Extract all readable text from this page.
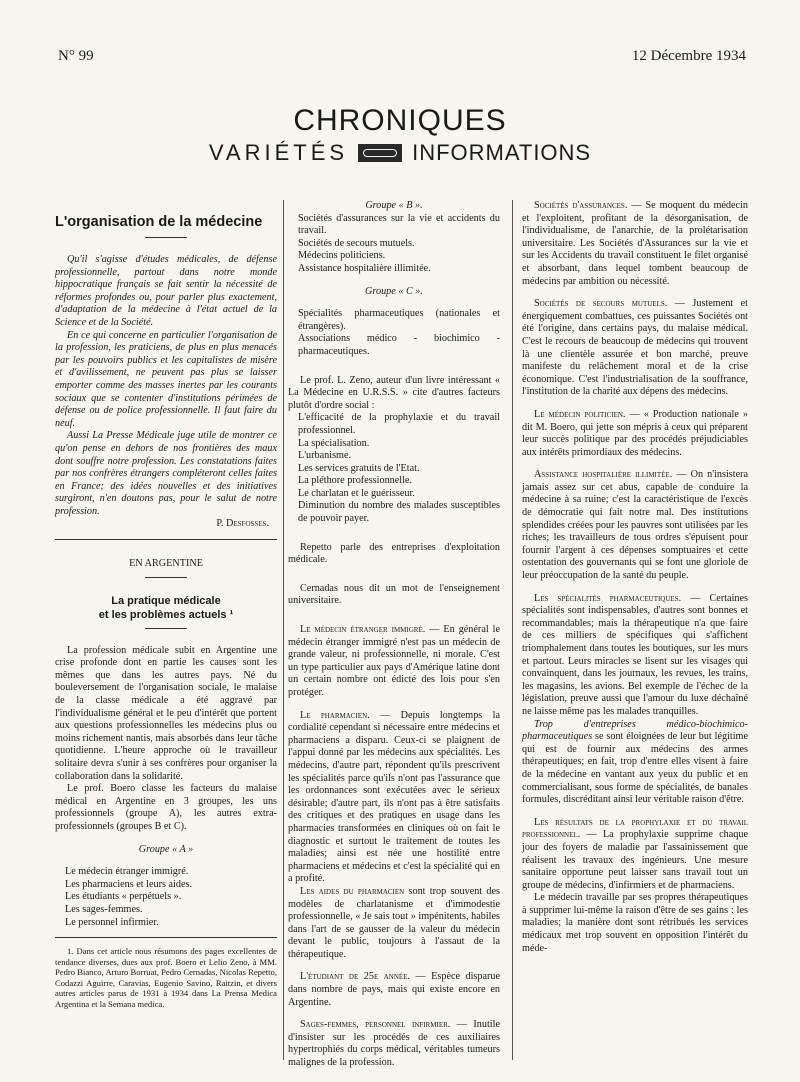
N° 99	12 Décembre 1934
CHRONIQUES
VARIÉTÉS	INFORMATIONS
L'organisation de la médecine

Qu'il s'agisse d'études médicales, de défense professionnelle, partout dans notre monde hippocratique français se fait sentir la nécessité de réformes profondes ou, pour parler plus exactement, d'adaptation de la médecine à l'état actuel de la Science et de la Société.

En ce qui concerne en particulier l'organisation de la profession, les praticiens, de plus en plus menacés par les pouvoirs publics et les capitalistes de misère et d'avilissement, ne peuvent pas plus se laisser emporter comme des masses inertes par les courants sociaux que se contenter d'institutions périmées de défense ou de police professionnelle. Il faut faire du neuf.

Aussi La Presse Médicale juge utile de montrer ce qu'on pense en dehors de nos frontières des maux dont souffre notre profession. Les constatations faites par nos confrères étrangers compléteront celles faites en France; des idées nouvelles et des initiatives surgiront, n'en doutons pas, pour le salut de notre profession.

P. Desfosses.

EN ARGENTINE

La pratique médicale
et les problèmes actuels ¹

La profession médicale subit en Argentine une crise profonde dont en partie les causes sont les mêmes que dans les autres pays. Né du bouleversement de l'organisation sociale, le malaise de la classe médicale a été aggravé par l'individualisme général et le peu d'intérêt que portent aux questions professionnelles les médecins plus ou moins richement nantis, mais absorbés dans leur tâche quotidienne. L'heure approche où le travailleur solitaire devra s'unir à ses confrères pour organiser la collaboration dans la solidarité.

Le prof. Boero classe les facteurs du malaise médical en Argentine en 3 groupes, les uns professionnels (groupe A), les autres extra-professionnels (groupes B et C).

Groupe « A »

Le médecin étranger immigré.

Les pharmaciens et leurs aides.

Les étudiants « perpétuels ».

Les sages-femmes.

Le personnel infirmier.

1. Dans cet article nous résumons des pages excellentes de tendance diverses, dues aux prof. Boero et Lelio Zeno, à MM. Pedro Bianco, Arturo Borruat, Pedro Cernadas, Nicolas Repetto, Codazzi Aguirre, Caravias, Eugenio Savino, Raitzin, et divers autres articles parus de 1931 à 1934 dans La Prensa Medica Argentina et la Semana medica.

Groupe « B ».

Sociétés d'assurances sur la vie et accidents du travail.

Sociétés de secours mutuels.

Médecins politiciens.

Assistance hospitalière illimitée.

Groupe « C ».

Spécialités pharmaceutiques (nationales et étrangères).

Associations médico - biochimico - pharmaceutiques.

Le prof. L. Zeno, auteur d'un livre intéressant « La Médecine en U.R.S.S. » cite d'autres facteurs plutôt d'ordre social :

L'efficacité de la prophylaxie et du travail professionnel.

La spécialisation.

L'urbanisme.

Les services gratuits de l'Etat.

La pléthore professionnelle.

Le charlatan et le guérisseur.

Diminution du nombre des malades susceptibles de pouvoir payer.

Repetto parle des entreprises d'exploitation médicale.

Cernadas nous dit un mot de l'enseignement universitaire.

Le médecin étranger immigré. — En général le médecin étranger immigré n'est pas un médecin de grande valeur, ni professionnelle, ni morale. C'est un type particulier aux pays d'Amérique latine dont un certain nombre ont édicté des lois pour s'en protéger.

Le pharmacien. — Depuis longtemps la cordialité cependant si nécessaire entre médecins et pharmaciens a disparu. Ceux-ci se plaignent de l'appui donné par les médecins aux spécialités. Les médecins, d'autre part, répondent qu'ils prescrivent les spécialités parce qu'ils n'ont pas l'assurance que les ordonnances sont exécutées avec le sérieux désirable; d'autre part, ils n'ont pas à être satisfaits des critiques et des pratiques en usage dans les pharmacies transformées en cliniques où on fait le diagnostic et surtout le traitement de toutes les maladies; ainsi est née une hostilité entre pharmaciens et médecins et c'est la spécialité qui en a profité.

Les aides du pharmacien sont trop souvent des modèles de charlatanisme et d'immodestie professionnelle, « Je sais tout » impénitents, habiles dans l'art de se gausser de la valeur du médecin devant le public, toujours à l'assaut de la thérapeutique.

L'étudiant de 25e année. — Espèce disparue dans nombre de pays, mais qui existe encore en Argentine.

Sages-femmes, personnel infirmier. — Inutile d'insister sur les procédés de ces auxiliaires hypertrophiés du corps médical, véritables tumeurs malignes de la profession.

Sociétés d'assurances. — Se moquent du médecin et l'exploitent, profitant de la désorganisation, de l'individualisme, de l'anarchie, de la prolétarisation universitaire. Les Sociétés d'Assurances sur la vie et sur les Accidents du travail constituent le filet organisé et absorbant, dans lequel tombent beaucoup de médecins par ambition ou nécessité.

Sociétés de secours mutuels. — Justement et énergiquement combattues, ces puissantes Sociétés ont été l'origine, dans certains pays, du malaise médical. C'est le recours de beaucoup de médecins qui trouvent là une clientèle assurée et bon marché, preuve manifeste du relâchement moral et de la crise économique. C'est l'industrialisation de la souffrance, l'institution de la charité aux dépens des médecins.

Le médecin politicien. — « Production nationale » dit M. Boero, qui jette son mépris à ceux qui préparent leur succès politique par des procédés préjudiciables aux intérêts primordiaux des médecins.

Assistance hospitalière illimitée. — On n'insistera jamais assez sur cet abus, capable de conduire la médecine à sa ruine; c'est la caractéristique de l'excès de démocratie qui fait notre mal. Des institutions splendides créées pour les pauvres sont utilisées par les riches; les travailleurs de tous ordres s'épuisent pour fournir l'argent à ces dépenses somptuaires et cette ostentation des gouvernants qui se font une gloriole de leur préoccupation de la santé du peuple.

Les spécialités pharmaceutiques. — Certaines spécialités sont indispensables, d'autres sont bonnes et recommandables; mais la thérapeutique n'a que faire de ces milliers de spécifiques qui s'affichent triomphalement dans toutes les boutiques, sur les murs et partout. Leurs miracles se lisent sur les visages qui convainquent, dans les journaux, les revues, les trains, les magasins, les avions. Bel exemple de l'échec de la législation, preuve aussi que l'amour du luxe déchaîné ne laisse même pas les malades tranquilles.

Trop d'entreprises médico-biochimico-pharmaceutiques se sont éloignées de leur but légitime qui est de fournir aux médecins des armes thérapeutiques; en fait, trop d'entre elles visent à faire de la médecine en vantant aux yeux du public et en commercialisant, sous forme de spécialités, de banales formules, discréditant ainsi leur véritable raison d'être.

Les résultats de la prophylaxie et du travail professionnel. — La prophylaxie supprime chaque jour des foyers de maladie par l'assainissement que réalisent les travaux des ingénieurs. Une mesure sanitaire opportune peut laisser sans travail tout un groupe de médecins, d'infirmiers et de pharmaciens.

Le médecin travaille par ses propres thérapeutiques à supprimer lui-même la raison d'être de ses gains : les maladies; la manière dont sont rétribués les services médicaux met trop souvent en opposition l'intérêt du méde-
